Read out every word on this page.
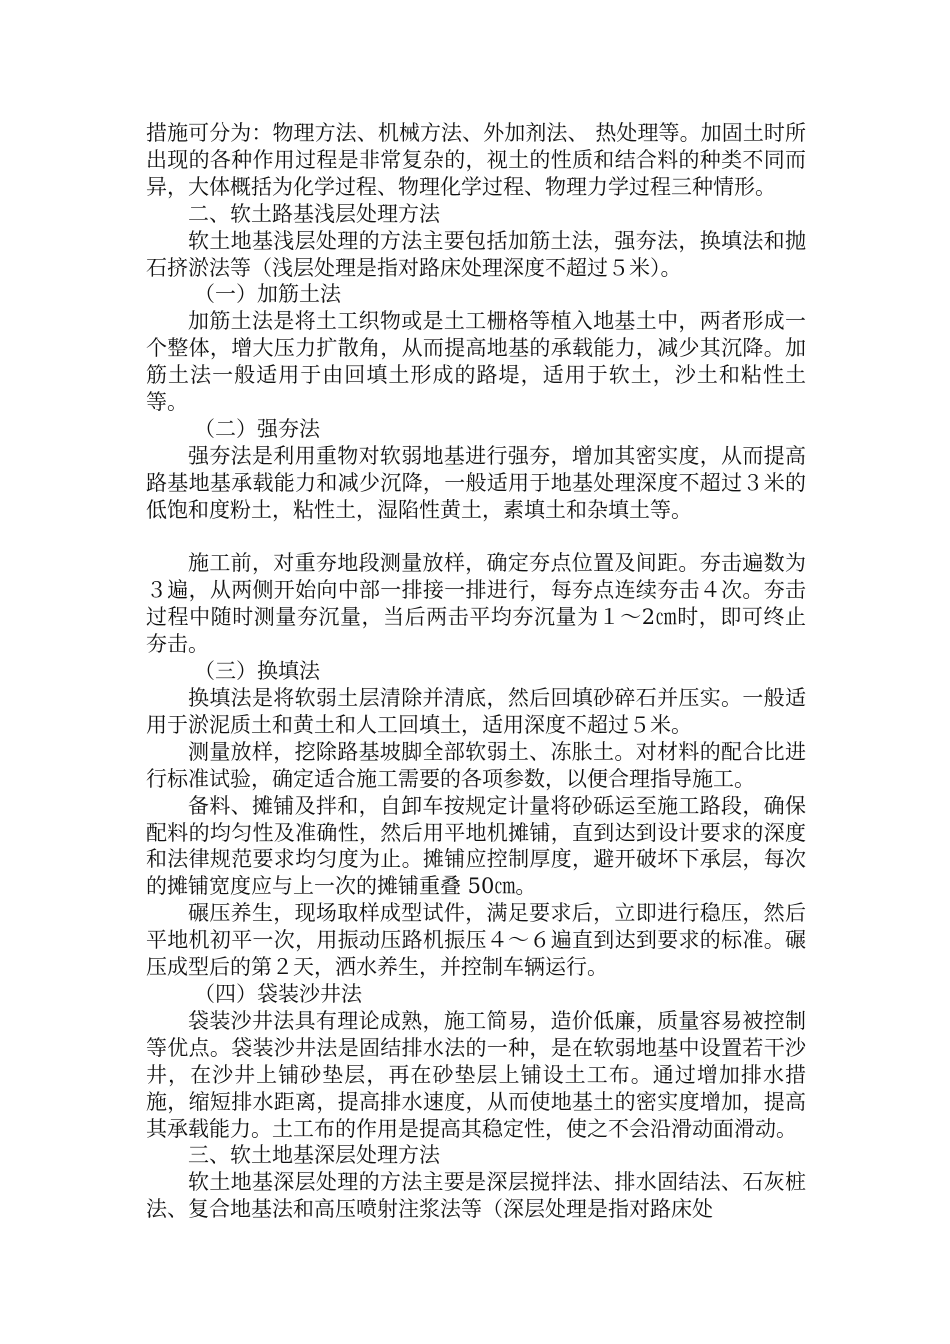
措施可分为：物理方法、机械方法、外加剂法、 热处理等。加固土时所出现的各种作用过程是非常复杂的，视土的性质和结合料的种类不同而异，大体概括为化学过程、物理化学过程、物理力学过程三种情形。

二、软土路基浅层处理方法

软土地基浅层处理的方法主要包括加筋土法，强夯法，换填法和抛石挤淤法等（浅层处理是指对路床处理深度不超过５米）。

（一）加筋土法

加筋土法是将土工织物或是土工栅格等植入地基土中，两者形成一个整体，增大压力扩散角，从而提高地基的承载能力，减少其沉降。加筋土法一般适用于由回填土形成的路堤，适用于软土，沙土和粘性土等。

（二）强夯法

强夯法是利用重物对软弱地基进行强夯，增加其密实度，从而提高路基地基承载能力和减少沉降，一般适用于地基处理深度不超过３米的低饱和度粉土，粘性土，湿陷性黄土，素填土和杂填土等。

施工前，对重夯地段测量放样，确定夯点位置及间距。夯击遍数为３遍，从两侧开始向中部一排接一排进行，每夯点连续夯击４次。夯击过程中随时测量夯沉量，当后两击平均夯沉量为１～2㎝时，即可终止夯击。

（三）换填法

换填法是将软弱土层清除并清底，然后回填砂碎石并压实。一般适用于淤泥质土和黄土和人工回填土，适用深度不超过５米。

测量放样，挖除路基坡脚全部软弱土、冻胀土。对材料的配合比进行标准试验，确定适合施工需要的各项参数，以便合理指导施工。

备料、摊铺及拌和，自卸车按规定计量将砂砾运至施工路段，确保配料的均匀性及准确性，然后用平地机摊铺，直到达到设计要求的深度和法律规范要求均匀度为止。摊铺应控制厚度，避开破坏下承层，每次的摊铺宽度应与上一次的摊铺重叠 50㎝。

碾压养生，现场取样成型试件，满足要求后，立即进行稳压，然后平地机初平一次，用振动压路机振压４～６遍直到达到要求的标准。碾压成型后的第２天，洒水养生，并控制车辆运行。

（四）袋装沙井法

袋装沙井法具有理论成熟，施工简易，造价低廉，质量容易被控制等优点。袋装沙井法是固结排水法的一种，是在软弱地基中设置若干沙井，在沙井上铺砂垫层，再在砂垫层上铺设土工布。通过增加排水措施，缩短排水距离，提高排水速度，从而使地基土的密实度增加，提高其承载能力。土工布的作用是提高其稳定性，使之不会沿滑动面滑动。

三、软土地基深层处理方法

软土地基深层处理的方法主要是深层搅拌法、排水固结法、石灰桩法、复合地基法和高压喷射注浆法等（深层处理是指对路床处
